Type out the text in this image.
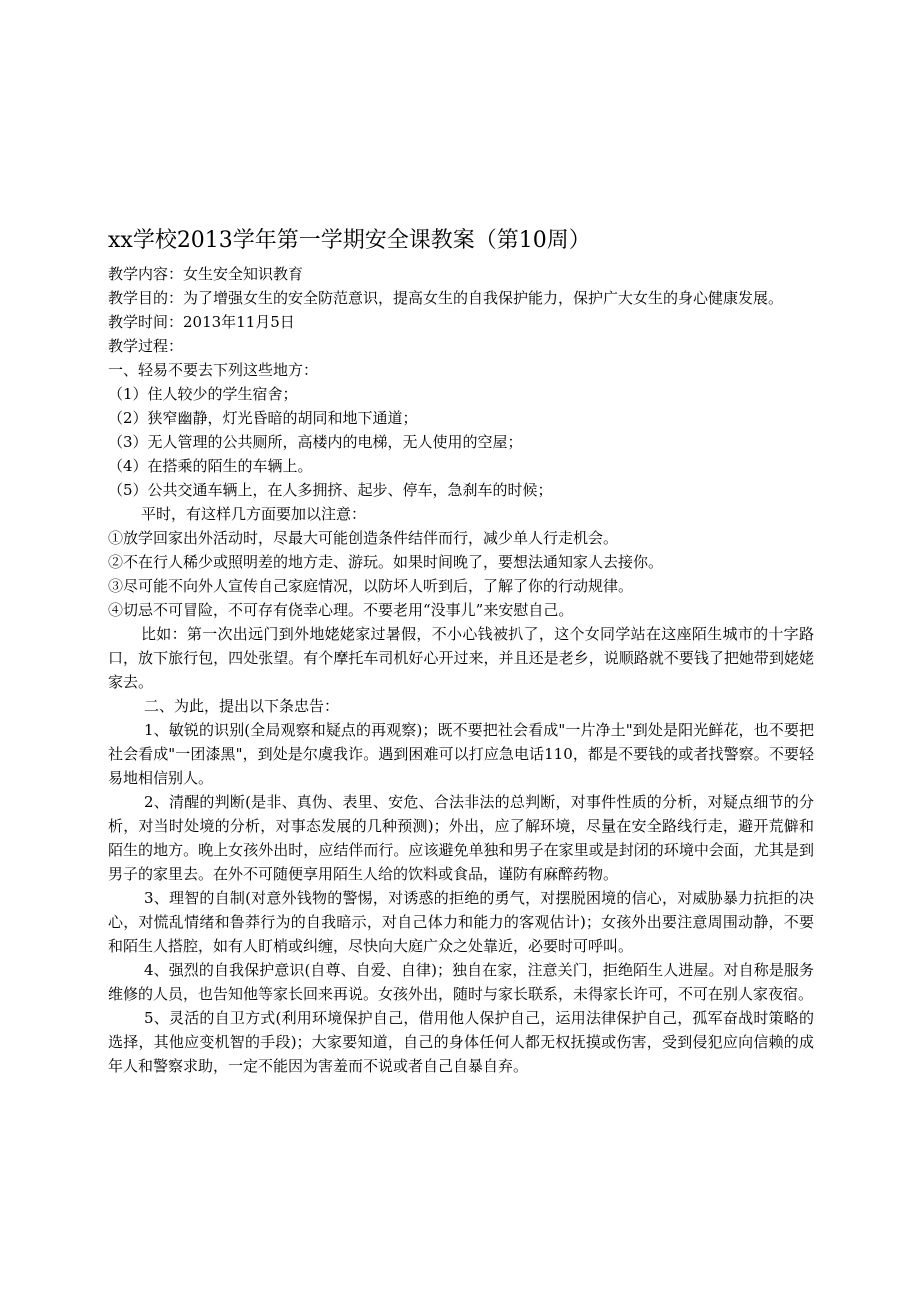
xx学校2013学年第一学期安全课教案（第10周）

教学内容：女生安全知识教育

教学目的：为了增强女生的安全防范意识，提高女生的自我保护能力，保护广大女生的身心健康发展。

教学时间：2013年11月5日

教学过程：

一、轻易不要去下列这些地方：

（1）住人较少的学生宿舍；

（2）狭窄幽静，灯光昏暗的胡同和地下通道；

（3）无人管理的公共厕所，高楼内的电梯，无人使用的空屋；

（4）在搭乘的陌生的车辆上。

（5）公共交通车辆上，在人多拥挤、起步、停车，急刹车的时候；

平时，有这样几方面要加以注意：

①放学回家出外活动时，尽最大可能创造条件结伴而行，减少单人行走机会。

②不在行人稀少或照明差的地方走、游玩。如果时间晚了，要想法通知家人去接你。

③尽可能不向外人宣传自己家庭情况，以防坏人听到后，了解了你的行动规律。

④切忌不可冒险，不可存有侥幸心理。不要老用“没事儿”来安慰自己。

比如：第一次出远门到外地姥姥家过暑假，不小心钱被扒了，这个女同学站在这座陌生城市的十字路口，放下旅行包，四处张望。有个摩托车司机好心开过来，并且还是老乡，说顺路就不要钱了把她带到姥姥家去。

二、为此，提出以下条忠告：

1、敏锐的识别(全局观察和疑点的再观察)；既不要把社会看成"一片净土"到处是阳光鲜花，也不要把社会看成"一团漆黑"，到处是尔虞我诈。遇到困难可以打应急电话110，都是不要钱的或者找警察。不要轻易地相信别人。

2、清醒的判断(是非、真伪、表里、安危、合法非法的总判断，对事件性质的分析，对疑点细节的分析，对当时处境的分析，对事态发展的几种预测)；外出，应了解环境，尽量在安全路线行走，避开荒僻和陌生的地方。晚上女孩外出时，应结伴而行。应该避免单独和男子在家里或是封闭的环境中会面，尤其是到男子的家里去。在外不可随便享用陌生人给的饮料或食品，谨防有麻醉药物。

3、理智的自制(对意外钱物的警惕，对诱惑的拒绝的勇气，对摆脱困境的信心，对威胁暴力抗拒的决心，对慌乱情绪和鲁莽行为的自我暗示，对自己体力和能力的客观估计)；女孩外出要注意周围动静，不要和陌生人搭腔，如有人盯梢或纠缠，尽快向大庭广众之处靠近，必要时可呼叫。

4、强烈的自我保护意识(自尊、自爱、自律)；独自在家，注意关门，拒绝陌生人进屋。对自称是服务维修的人员，也告知他等家长回来再说。女孩外出，随时与家长联系，未得家长许可，不可在别人家夜宿。

5、灵活的自卫方式(利用环境保护自己，借用他人保护自己，运用法律保护自己，孤军奋战时策略的选择，其他应变机智的手段)；大家要知道，自己的身体任何人都无权抚摸或伤害，受到侵犯应向信赖的成年人和警察求助，一定不能因为害羞而不说或者自己自暴自弃。
